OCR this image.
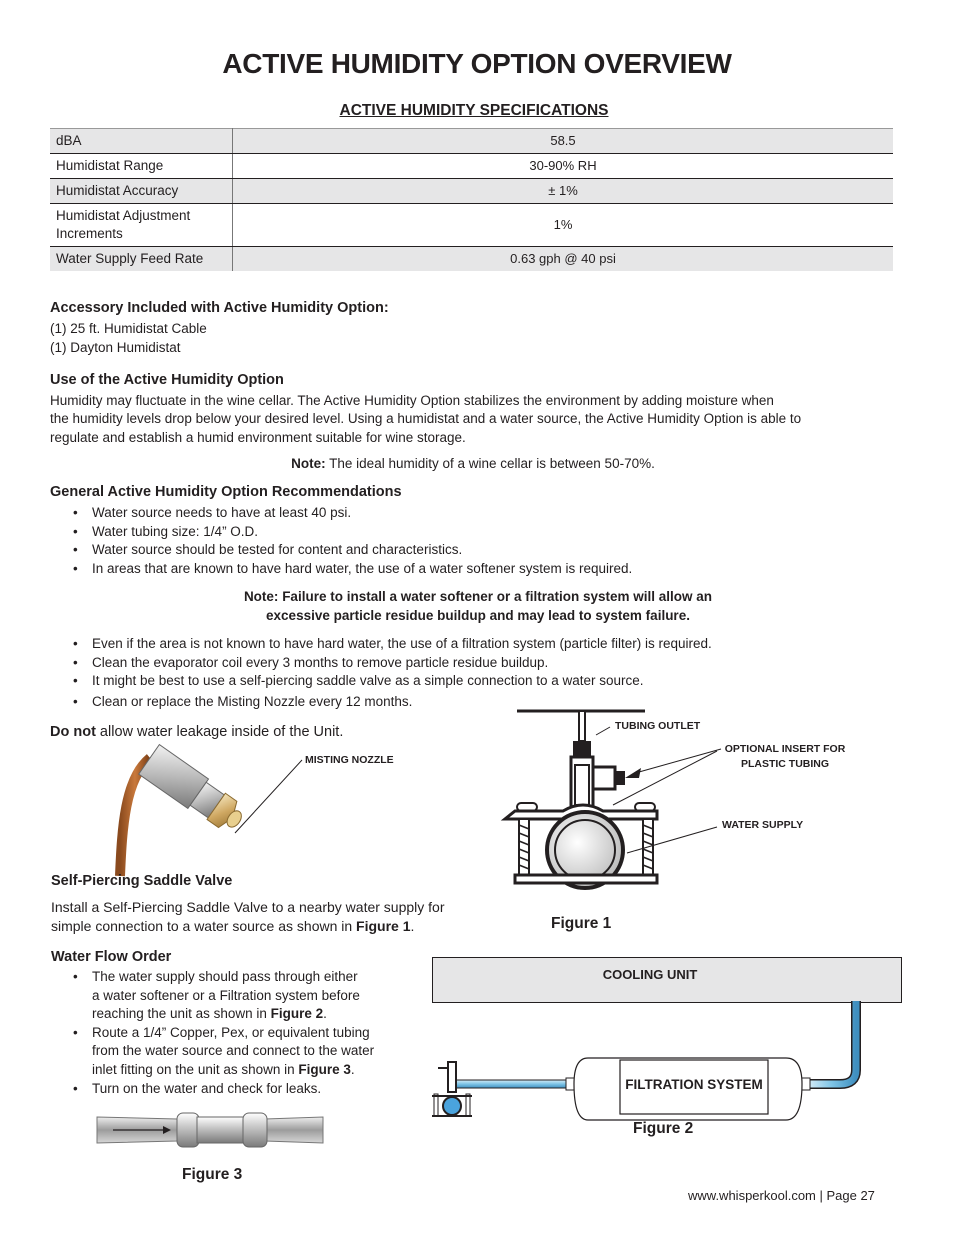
ACTIVE HUMIDITY OPTION OVERVIEW
ACTIVE HUMIDITY SPECIFICATIONS
dBA	58.5
Humidistat Range	30-90% RH
Humidistat Accuracy	± 1%
Humidistat Adjustment Increments	1%
Water Supply Feed Rate	0.63 gph @ 40 psi
Accessory Included with Active Humidity Option:
(1) 25 ft. Humidistat Cable
(1) Dayton Humidistat
Use of the Active Humidity Option
Humidity may fluctuate in the wine cellar. The Active Humidity Option stabilizes the environment by adding moisture when
the humidity levels drop below your desired level. Using a humidistat and a water source, the Active Humidity Option is able to
regulate and establish a humid environment suitable for wine storage.
Note: The ideal humidity of a wine cellar is between 50-70%.
General Active Humidity Option Recommendations
• Water source needs to have at least 40 psi.
• Water tubing size: 1/4” O.D.
• Water source should be tested for content and characteristics.
• In areas that are known to have hard water, the use of a water softener system is required.
Note: Failure to install a water softener or a filtration system will allow an
excessive particle residue buildup and may lead to system failure.
• Even if the area is not known to have hard water, the use of a filtration system (particle filter) is required.
• Clean the evaporator coil every 3 months to remove particle residue buildup.
• It might be best to use a self-piercing saddle valve as a simple connection to a water source.
• Clean or replace the Misting Nozzle every 12 months.
Do not allow water leakage inside of the Unit.
MISTING NOZZLE
Self-Piercing Saddle Valve
Install a Self-Piercing Saddle Valve to a nearby water supply for
simple connection to a water source as shown in Figure 1.
TUBING OUTLET
OPTIONAL INSERT FOR
PLASTIC TUBING
WATER SUPPLY
Figure 1
Water Flow Order
• The water supply should pass through either
a water softener or a Filtration system before
reaching the unit as shown in Figure 2.
• Route a 1/4” Copper, Pex, or equivalent tubing
from the water source and connect to the water
inlet fitting on the unit as shown in Figure 3.
• Turn on the water and check for leaks.
Figure 3
COOLING UNIT
FILTRATION SYSTEM
Figure 2
www.whisperkool.com | Page 27
